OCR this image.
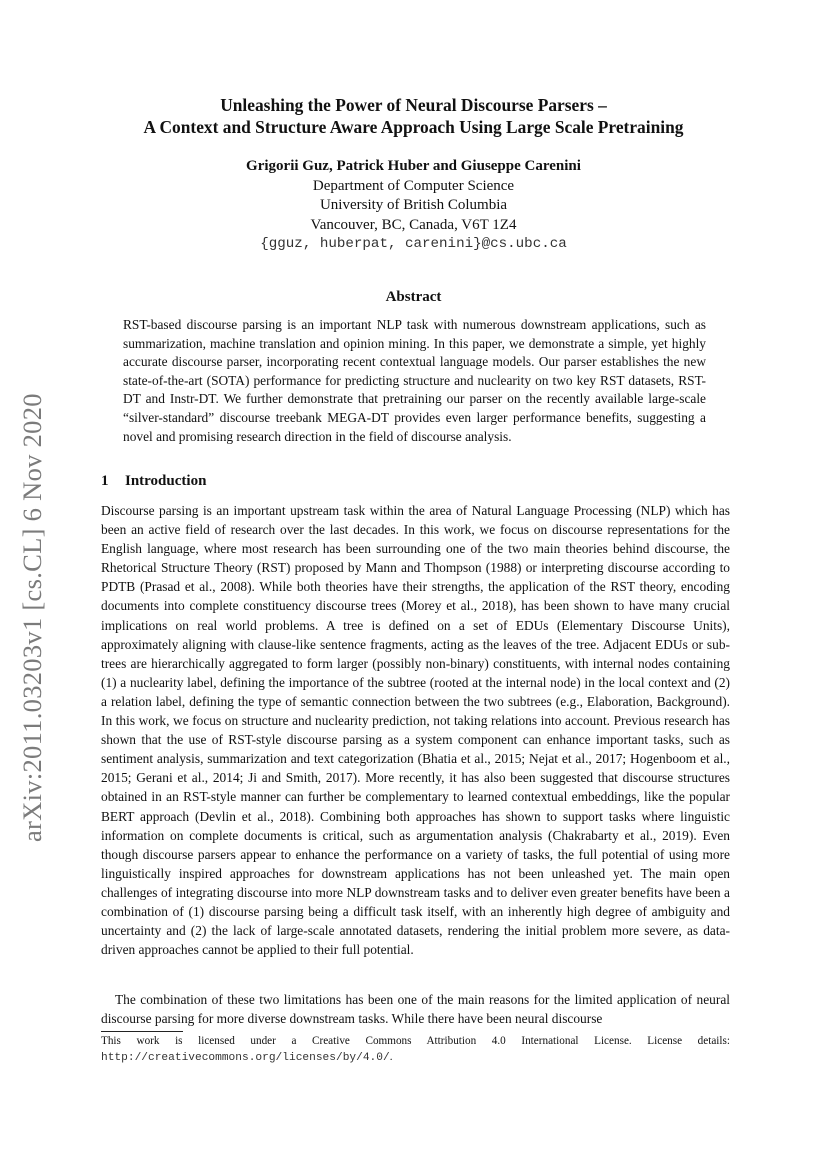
arXiv:2011.03203v1 [cs.CL] 6 Nov 2020
Unleashing the Power of Neural Discourse Parsers –
A Context and Structure Aware Approach Using Large Scale Pretraining
Grigorii Guz, Patrick Huber and Giuseppe Carenini
Department of Computer Science
University of British Columbia
Vancouver, BC, Canada, V6T 1Z4
{gguz, huberpat, carenini}@cs.ubc.ca
Abstract

RST-based discourse parsing is an important NLP task with numerous downstream applications, such as summarization, machine translation and opinion mining. In this paper, we demonstrate a simple, yet highly accurate discourse parser, incorporating recent contextual language models. Our parser establishes the new state-of-the-art (SOTA) performance for predicting structure and nuclearity on two key RST datasets, RST-DT and Instr-DT. We further demonstrate that pretraining our parser on the recently available large-scale “silver-standard” discourse treebank MEGA-DT provides even larger performance benefits, suggesting a novel and promising research direction in the field of discourse analysis.

1 Introduction

Discourse parsing is an important upstream task within the area of Natural Language Processing (NLP) which has been an active field of research over the last decades. In this work, we focus on discourse representations for the English language, where most research has been surrounding one of the two main theories behind discourse, the Rhetorical Structure Theory (RST) proposed by Mann and Thompson (1988) or interpreting discourse according to PDTB (Prasad et al., 2008). While both theories have their strengths, the application of the RST theory, encoding documents into complete constituency discourse trees (Morey et al., 2018), has been shown to have many crucial implications on real world problems. A tree is defined on a set of EDUs (Elementary Discourse Units), approximately aligning with clause-like sentence fragments, acting as the leaves of the tree. Adjacent EDUs or sub-trees are hierarchically aggregated to form larger (possibly non-binary) constituents, with internal nodes containing (1) a nuclearity label, defining the importance of the subtree (rooted at the internal node) in the local context and (2) a relation label, defining the type of semantic connection between the two subtrees (e.g., Elaboration, Background). In this work, we focus on structure and nuclearity prediction, not taking relations into account. Previous research has shown that the use of RST-style discourse parsing as a system component can enhance important tasks, such as sentiment analysis, summarization and text categorization (Bhatia et al., 2015; Nejat et al., 2017; Hogenboom et al., 2015; Gerani et al., 2014; Ji and Smith, 2017). More recently, it has also been suggested that discourse structures obtained in an RST-style manner can further be complementary to learned contextual embeddings, like the popular BERT approach (Devlin et al., 2018). Combining both approaches has shown to support tasks where linguistic information on complete documents is critical, such as argumentation analysis (Chakrabarty et al., 2019). Even though discourse parsers appear to enhance the performance on a variety of tasks, the full potential of using more linguistically inspired approaches for downstream applications has not been unleashed yet. The main open challenges of integrating discourse into more NLP downstream tasks and to deliver even greater benefits have been a combination of (1) discourse parsing being a difficult task itself, with an inherently high degree of ambiguity and uncertainty and (2) the lack of large-scale annotated datasets, rendering the initial problem more severe, as data-driven approaches cannot be applied to their full potential.

The combination of these two limitations has been one of the main reasons for the limited application of neural discourse parsing for more diverse downstream tasks. While there have been neural discourse

This work is licensed under a Creative Commons Attribution 4.0 International License. License details: http://creativecommons.org/licenses/by/4.0/.
